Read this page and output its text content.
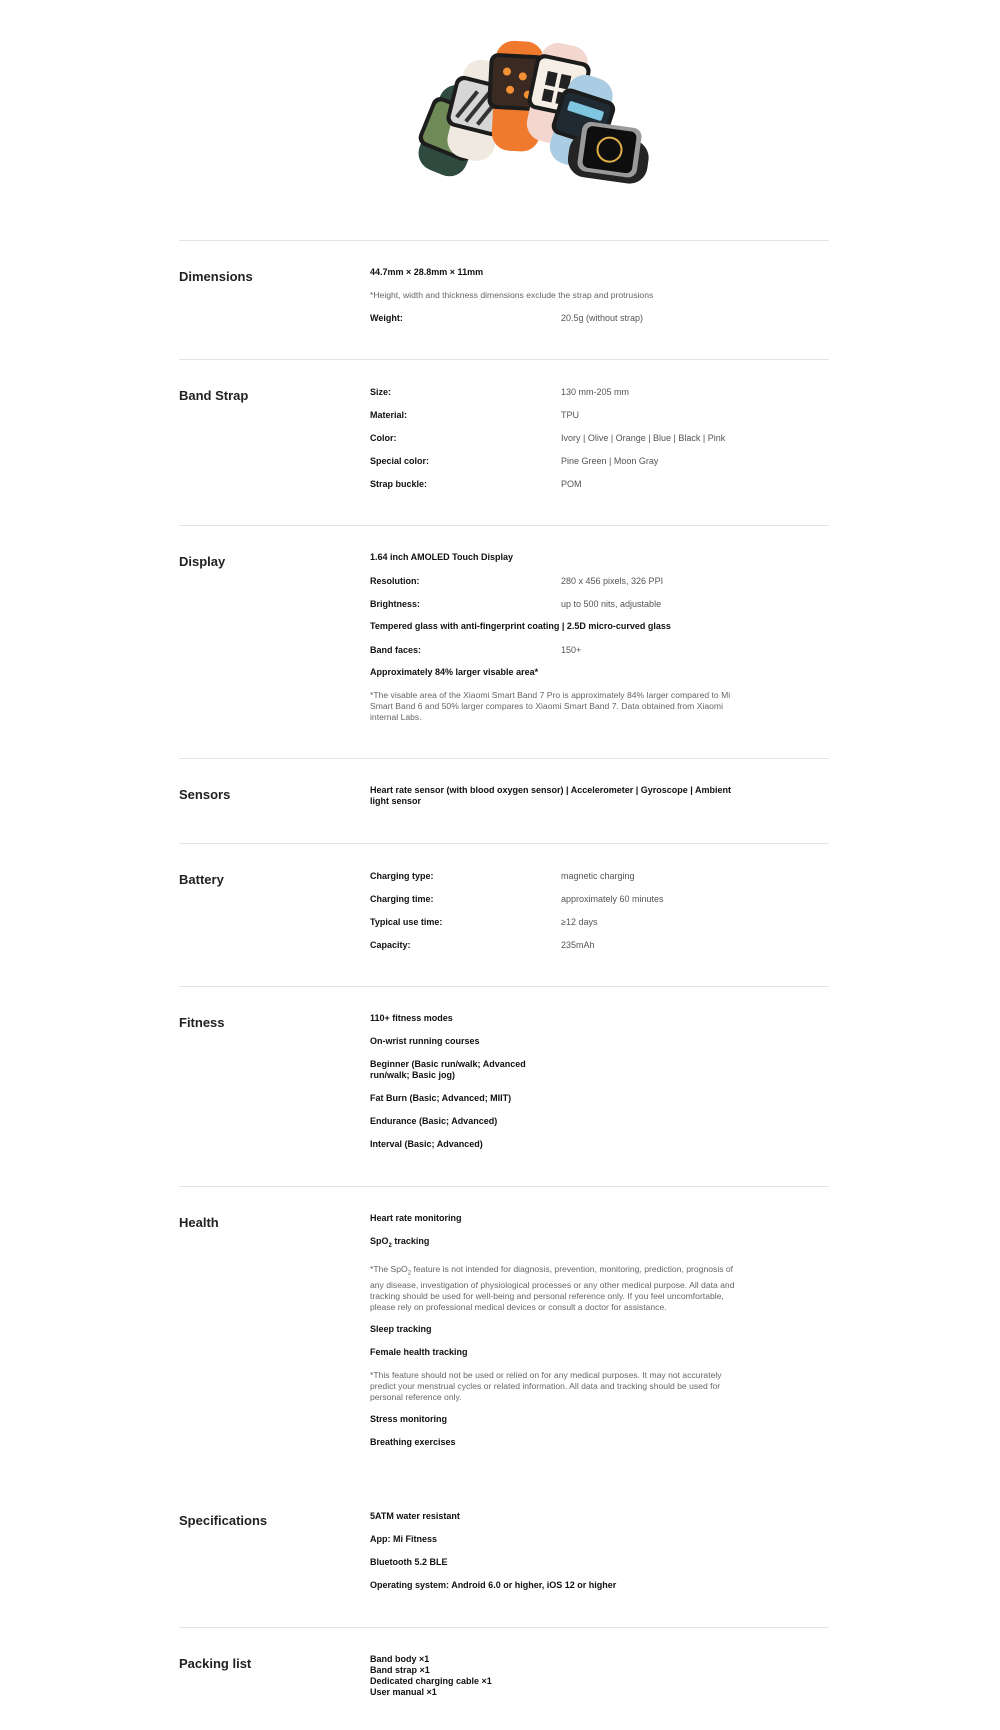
Dimensions	44.7mm × 28.8mm × 11mm
*Height, width and thickness dimensions exclude the strap and protrusions
Weight:	20.5g (without strap)
Band Strap	Size:	130 mm-205 mm
Material:	TPU
Color:	Ivory | Olive | Orange | Blue | Black | Pink
Special color:	Pine Green | Moon Gray
Strap buckle:	POM
Display	1.64 inch AMOLED Touch Display
Resolution:	280 x 456 pixels, 326 PPI
Brightness:	up to 500 nits, adjustable
Tempered glass with anti-fingerprint coating | 2.5D micro-curved glass
Band faces:	150+
Approximately 84% larger visable area*
*The visable area of the Xiaomi Smart Band 7 Pro is approximately 84% larger compared to Mi Smart Band 6 and 50% larger compares to Xiaomi Smart Band 7. Data obtained from Xiaomi internal Labs.
Sensors	Heart rate sensor (with blood oxygen sensor) | Accelerometer | Gyroscope | Ambient light sensor
Battery	Charging type:	magnetic charging
Charging time:	approximately 60 minutes
Typical use time:	≥12 days
Capacity:	235mAh
Fitness	110+ fitness modes
On-wrist running courses
Beginner (Basic run/walk; Advanced run/walk; Basic jog)
Fat Burn (Basic; Advanced; MIIT)
Endurance (Basic; Advanced)
Interval (Basic; Advanced)
Health	Heart rate monitoring
SpO$_2$ tracking
*The SpO$_2$ feature is not intended for diagnosis, prevention, monitoring, prediction, prognosis of any disease, investigation of physiological processes or any other medical purpose. All data and tracking should be used for well-being and personal reference only. If you feel uncomfortable, please rely on professional medical devices or consult a doctor for assistance.
Sleep tracking
Female health tracking
*This feature should not be used or relied on for any medical purposes. It may not accurately predict your menstrual cycles or related information. All data and tracking should be used for personal reference only.
Stress monitoring
Breathing exercises
Specifications	5ATM water resistant
App: Mi Fitness
Bluetooth 5.2 BLE
Operating system: Android 6.0 or higher, iOS 12 or higher
Packing list	Band body ×1
Band strap ×1
Dedicated charging cable ×1
User manual ×1
